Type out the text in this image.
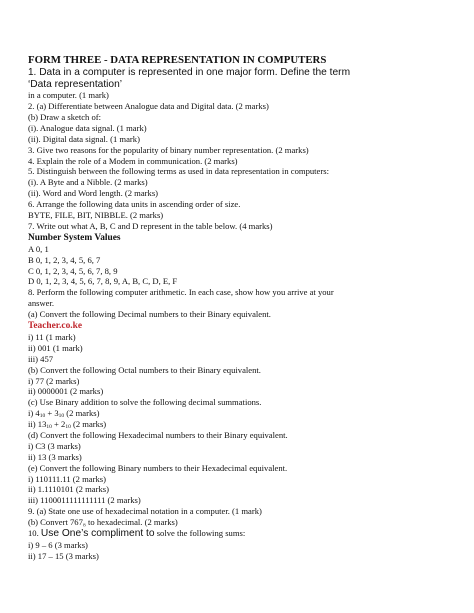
FORM THREE - DATA REPRESENTATION IN COMPUTERS
1. Data in a computer is represented in one major form. Define the term
‘Data representation’
in a computer. (1 mark)
2. (a) Differentiate between Analogue data and Digital data. (2 marks)
(b) Draw a sketch of:
(i). Analogue data signal. (1 mark)
(ii). Digital data signal. (1 mark)
3. Give two reasons for the popularity of binary number representation. (2 marks)
4. Explain the role of a Modem in communication. (2 marks)
5. Distinguish between the following terms as used in data representation in computers:
(i). A Byte and a Nibble. (2 marks)
(ii). Word and Word length. (2 marks)
6. Arrange the following data units in ascending order of size.
BYTE, FILE, BIT, NIBBLE. (2 marks)
7. Write out what A, B, C and D represent in the table below. (4 marks)
Number System Values
A 0, 1
B 0, 1, 2, 3, 4, 5, 6, 7
C 0, 1, 2, 3, 4, 5, 6, 7, 8, 9
D 0, 1, 2, 3, 4, 5, 6, 7, 8, 9, A, B, C, D, E, F
8. Perform the following computer arithmetic. In each case, show how you arrive at your
answer.
(a) Convert the following Decimal numbers to their Binary equivalent.
Teacher.co.ke
i) 11 (1 mark)
ii) 001 (1 mark)
iii) 457
(b) Convert the following Octal numbers to their Binary equivalent.
i) 77 (2 marks)
ii) 0000001 (2 marks)
(c) Use Binary addition to solve the following decimal summations.
i) $4_{10} + 3_{10}$ (2 marks)
ii) $13_{10} + 2_{10}$ (2 marks)
(d) Convert the following Hexadecimal numbers to their Binary equivalent.
i) C3 (3 marks)
ii) 13 (3 marks)
(e) Convert the following Binary numbers to their Hexadecimal equivalent.
i) 110111.11 (2 marks)
ii) 1.1110101 (2 marks)
iii) 1100011111111111 (2 marks)
9. (a) State one use of hexadecimal notation in a computer. (1 mark)
(b) Convert 767₈ to hexadecimal. (2 marks)
10. Use One’s compliment to solve the following sums:
i) 9 – 6 (3 marks)
ii) 17 – 15 (3 marks)
